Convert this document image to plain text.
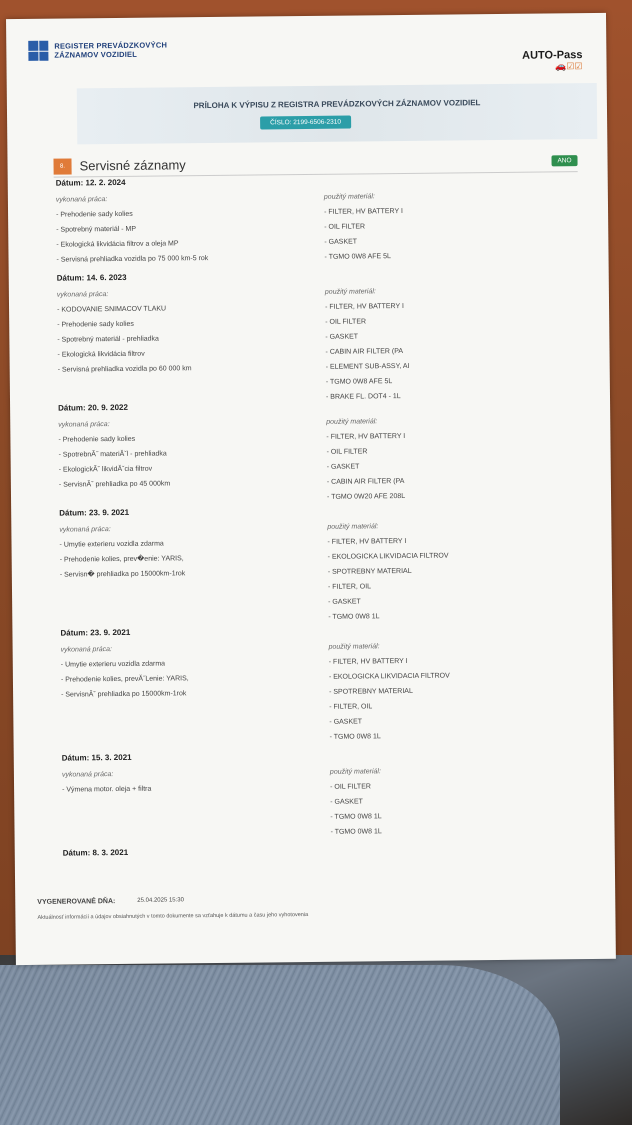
REGISTER PREVÁDZKOVÝCH
ZÁZNAMOV VOZIDIEL	AUTO-Pass
🚗☑☑
PRÍLOHA K VÝPISU Z REGISTRA PREVÁDZKOVÝCH ZÁZNAMOV VOZIDIEL
ČÍSLO: 2199-6506-2310
8.	Servisné záznamy	ANO
Dátum: 12. 2. 2024
vykonaná práca:
- Prehodenie sady kolies
- Spotrebný materiál - MP
- Ekologická likvidácia filtrov a oleja MP
- Servisná prehliadka vozidla po 75 000 km-5 rok
použitý materiál:
- FILTER, HV BATTERY I
- OIL FILTER
- GASKET
- TGMO 0W8 AFE 5L
Dátum: 14. 6. 2023
vykonaná práca:
- KODOVANIE SNIMACOV TLAKU
- Prehodenie sady kolies
- Spotrebný materiál - prehliadka
- Ekologická likvidácia filtrov
- Servisná prehliadka vozidla po 60 000 km
použitý materiál:
- FILTER, HV BATTERY I
- OIL FILTER
- GASKET
- CABIN AIR FILTER (PA
- ELEMENT SUB-ASSY, AI
- TGMO 0W8 AFE 5L
- BRAKE FL. DOT4 - 1L
Dátum: 20. 9. 2022
vykonaná práca:
- Prehodenie sady kolies
- SpotrebnĂ˝ materiĂˇl - prehliadka
- EkologickĂˇ likvidĂˇcia filtrov
- ServisnĂˇ prehliadka po 45 000km
použitý materiál:
- FILTER, HV BATTERY I
- OIL FILTER
- GASKET
- CABIN AIR FILTER (PA
- TGMO 0W20 AFE 208L
Dátum: 23. 9. 2021
vykonaná práca:
- Umytie exterieru vozidla zdarma
- Prehodenie kolies, prev�enie: YARIS,
- Servisn� prehliadka po 15000km-1rok
použitý materiál:
- FILTER, HV BATTERY I
- EKOLOGICKA LIKVIDACIA FILTROV
- SPOTREBNY MATERIAL
- FILTER, OIL
- GASKET
- TGMO 0W8 1L
Dátum: 23. 9. 2021
vykonaná práca:
- Umytie exterieru vozidla zdarma
- Prehodenie kolies, prevĂ˝Lenie: YARIS,
- ServisnĂˇ prehliadka po 15000km-1rok
použitý materiál:
- FILTER, HV BATTERY I
- EKOLOGICKA LIKVIDACIA FILTROV
- SPOTREBNY MATERIAL
- FILTER, OIL
- GASKET
- TGMO 0W8 1L
Dátum: 15. 3. 2021
vykonaná práca:
- Výmena motor. oleja + filtra
použitý materiál:
- OIL FILTER
- GASKET
- TGMO 0W8 1L
- TGMO 0W8 1L
Dátum: 8. 3. 2021
VYGENEROVANÉ DŇA:	25.04.2025 15:30
Aktuálnosť informácií a údajov obsiahnutých v tomto dokumente sa vzťahuje k dátumu a času jeho vyhotovenia
